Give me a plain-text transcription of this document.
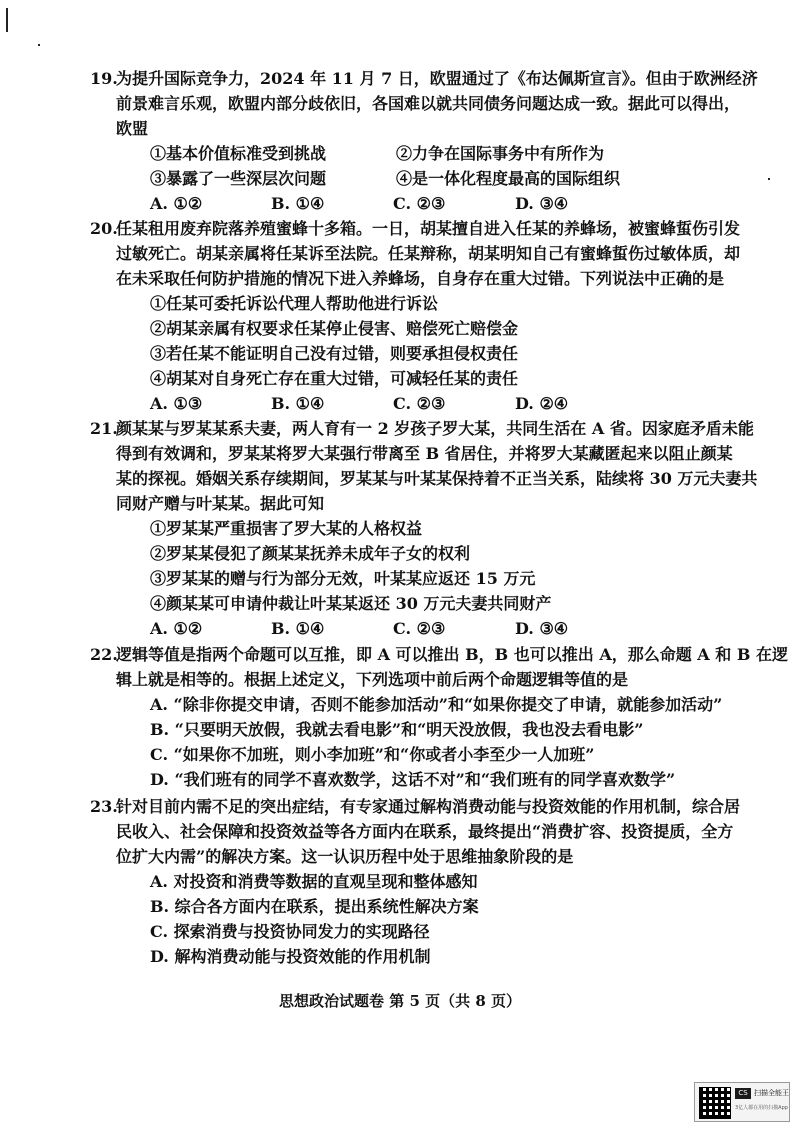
19.
为提升国际竞争力，2024 年 11 月 7 日，欧盟通过了《布达佩斯宣言》。但由于欧洲经济
前景难言乐观，欧盟内部分歧依旧，各国难以就共同债务问题达成一致。据此可以得出，
欧盟
①基本价值标准受到挑战	②力争在国际事务中有所作为
③暴露了一些深层次问题	④是一体化程度最高的国际组织
A. ①②	B. ①④	C. ②③	D. ③④
20.
任某租用废弃院落养殖蜜蜂十多箱。一日，胡某擅自进入任某的养蜂场，被蜜蜂蜇伤引发
过敏死亡。胡某亲属将任某诉至法院。任某辩称，胡某明知自己有蜜蜂蜇伤过敏体质，却
在未采取任何防护措施的情况下进入养蜂场，自身存在重大过错。下列说法中正确的是
①任某可委托诉讼代理人帮助他进行诉讼
②胡某亲属有权要求任某停止侵害、赔偿死亡赔偿金
③若任某不能证明自己没有过错，则要承担侵权责任
④胡某对自身死亡存在重大过错，可减轻任某的责任
A. ①③	B. ①④	C. ②③	D. ②④
21.
颜某某与罗某某系夫妻，两人育有一 2 岁孩子罗大某，共同生活在 A 省。因家庭矛盾未能
得到有效调和，罗某某将罗大某强行带离至 B 省居住，并将罗大某藏匿起来以阻止颜某
某的探视。婚姻关系存续期间，罗某某与叶某某保持着不正当关系，陆续将 30 万元夫妻共
同财产赠与叶某某。据此可知
①罗某某严重损害了罗大某的人格权益
②罗某某侵犯了颜某某抚养未成年子女的权利
③罗某某的赠与行为部分无效，叶某某应返还 15 万元
④颜某某可申请仲裁让叶某某返还 30 万元夫妻共同财产
A. ①②	B. ①④	C. ②③	D. ③④
22.
逻辑等值是指两个命题可以互推，即 A 可以推出 B，B 也可以推出 A，那么命题 A 和 B 在逻
辑上就是相等的。根据上述定义，下列选项中前后两个命题逻辑等值的是
A. “除非你提交申请，否则不能参加活动”和“如果你提交了申请，就能参加活动”
B. “只要明天放假，我就去看电影”和“明天没放假，我也没去看电影”
C. “如果你不加班，则小李加班”和“你或者小李至少一人加班”
D. “我们班有的同学不喜欢数学，这话不对”和“我们班有的同学喜欢数学”
23.
针对目前内需不足的突出症结，有专家通过解构消费动能与投资效能的作用机制，综合居
民收入、社会保障和投资效益等各方面内在联系，最终提出“消费扩容、投资提质，全方
位扩大内需”的解决方案。这一认识历程中处于思维抽象阶段的是
A. 对投资和消费等数据的直观呈现和整体感知
B. 综合各方面内在联系，提出系统性解决方案
C. 探索消费与投资协同发力的实现路径
D. 解构消费动能与投资效能的作用机制
思想政治试题卷 第 5 页（共 8 页）
CS 扫描全能王
3亿人都在用的扫描App
